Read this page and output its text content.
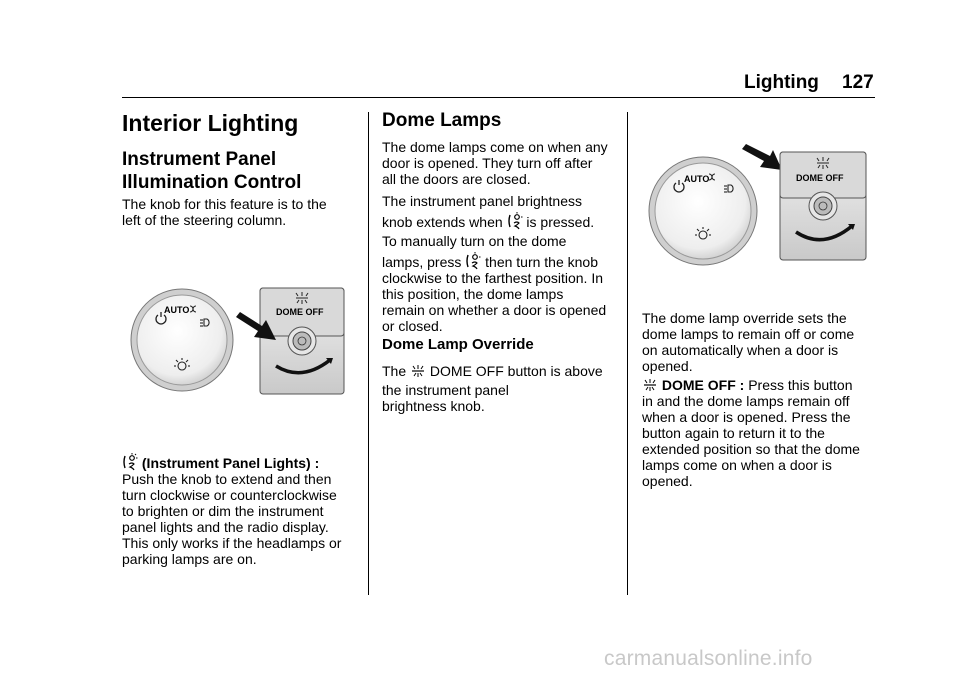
Lighting 127
Interior Lighting
Instrument Panel
Illumination Control
The knob for this feature is to the
left of the steering column.
AUTO	DOME OFF
(Instrument Panel Lights) :
Push the knob to extend and then
turn clockwise or counterclockwise
to brighten or dim the instrument
panel lights and the radio display.
This only works if the headlamps or
parking lamps are on.
Dome Lamps
The dome lamps come on when any
door is opened. They turn off after
all the doors are closed.
The instrument panel brightness
knob extends when is pressed.
To manually turn on the dome
lamps, press then turn the knob
clockwise to the farthest position. In
this position, the dome lamps
remain on whether a door is opened
or closed.
Dome Lamp Override
The DOME OFF button is above
the instrument panel
brightness knob.
AUTO	DOME OFF
The dome lamp override sets the
dome lamps to remain off or come
on automatically when a door is
opened.
DOME OFF : Press this button
in and the dome lamps remain off
when a door is opened. Press the
button again to return it to the
extended position so that the dome
lamps come on when a door is
opened.
carmanualsonline.info
